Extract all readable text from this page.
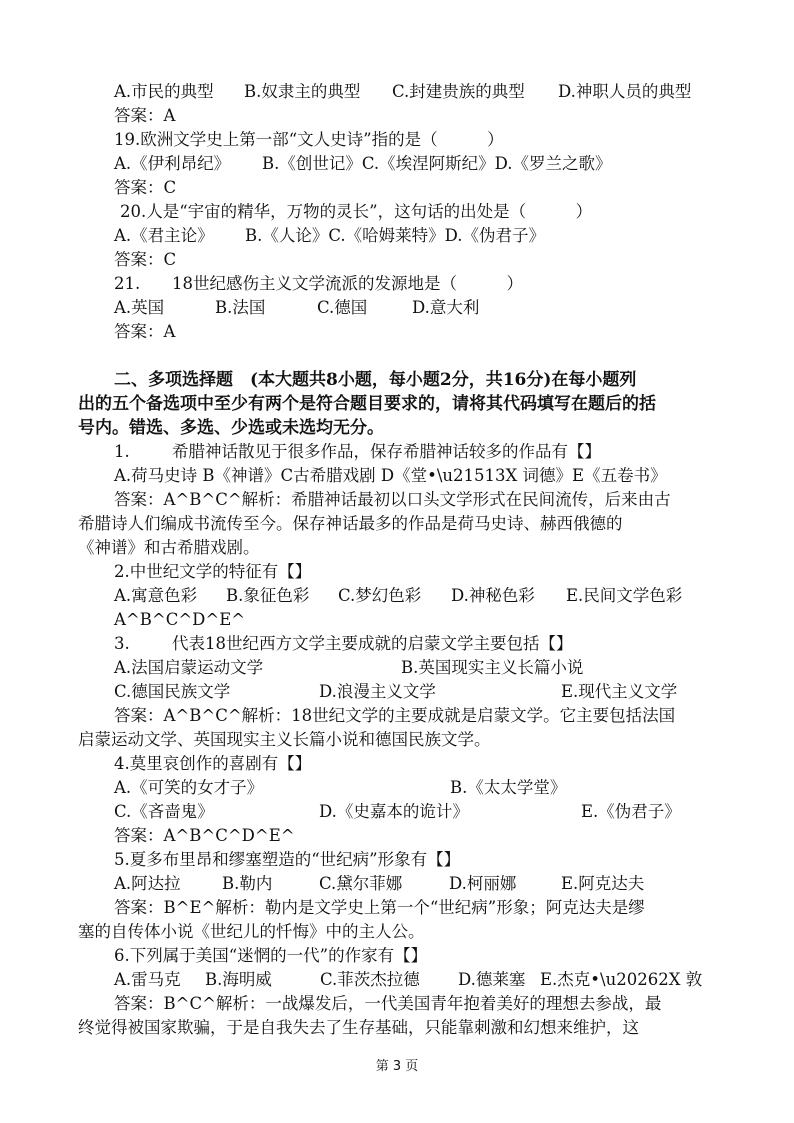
A.市民的典型 B.奴隶主的典型 C.封建贵族的典型 D.神职人员的典型
答案：A
19.欧洲文学史上第一部“文人史诗”指的是（　　　）
A.《伊利昂纪》 B.《创世记》C.《埃涅阿斯纪》D.《罗兰之歌》
答案：C
20.人是“宇宙的精华，万物的灵长”，这句话的出处是（　　　）
A.《君主论》 B.《人论》C.《哈姆莱特》D.《伪君子》
答案：C
21. 18世纪感伤主义文学流派的发源地是（　　　）
A.英国	B.法国	C.德国	D.意大利
答案：A
二、多项选择题　(本大题共8小题，每小题2分，共16分)在每小题列
出的五个备选项中至少有两个是符合题目要求的，请将其代码填写在题后的括
号内。错选、多选、少选或未选均无分。
1.	希腊神话散见于很多作品，保存希腊神话较多的作品有【】
A.荷马史诗 B《神谱》C古希腊戏剧 D《堂•\u21513X 词德》E《五卷书》
答案：A^B^C^解析：希腊神话最初以口头文学形式在民间流传，后来由古
希腊诗人们编成书流传至今。保存神话最多的作品是荷马史诗、赫西俄德的
《神谱》和古希腊戏剧。
2.中世纪文学的特征有【】
A.寓意色彩 B.象征色彩 C.梦幻色彩 D.神秘色彩 E.民间文学色彩
A^B^C^D^E^
3.	代表18世纪西方文学主要成就的启蒙文学主要包括【】
A.法国启蒙运动文学	B.英国现实主义长篇小说
C.德国民族文学	D.浪漫主义文学	E.现代主义文学
答案：A^B^C^解析：18世纪文学的主要成就是启蒙文学。它主要包括法国
启蒙运动文学、英国现实主义长篇小说和德国民族文学。
4.莫里哀创作的喜剧有【】
A.《可笑的女才子》	B.《太太学堂》
C.《吝啬鬼》	D.《史嘉本的诡计》	E.《伪君子》
答案：A^B^C^D^E^
5.夏多布里昂和缪塞塑造的“世纪病”形象有【】
A.阿达拉	B.勒内	C.黛尔菲娜	D.柯丽娜	E.阿克达夫
答案：B^E^解析：勒内是文学史上第一个“世纪病”形象；阿克达夫是缪
塞的自传体小说《世纪儿的忏悔》中的主人公。
6.下列属于美国“迷惘的一代”的作家有【】
A.雷马克 B.海明威	C.菲茨杰拉德 D.德莱塞 E.杰克•\u20262X 敦
答案：B^C^解析：一战爆发后，一代美国青年抱着美好的理想去参战，最
终觉得被国家欺骗，于是自我失去了生存基础，只能靠刺激和幻想来维护，这
第 3 页
